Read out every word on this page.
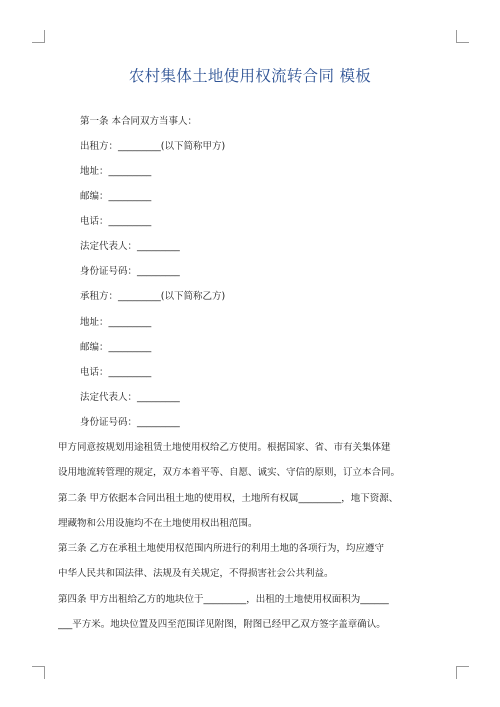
农村集体土地使用权流转合同 模板
第一条 本合同双方当事人：
出租方：_________(以下简称甲方)
地址：_________
邮编：_________
电话：_________
法定代表人：_________
身份证号码：_________
承租方：_________(以下简称乙方)
地址：_________
邮编：_________
电话：_________
法定代表人：_________
身份证号码：_________
甲方同意按规划用途租赁土地使用权给乙方使用。根据国家、省、市有关集体建
设用地流转管理的规定，双方本着平等、自愿、诚实、守信的原则，订立本合同。
第二条 甲方依据本合同出租土地的使用权，土地所有权属_________，地下资源、
埋藏物和公用设施均不在土地使用权出租范围。
第三条 乙方在承租土地使用权范围内所进行的利用土地的各项行为，均应遵守
中华人民共和国法律、法规及有关规定，不得损害社会公共利益。
第四条 甲方出租给乙方的地块位于_________，出租的土地使用权面积为______
___平方米。地块位置及四至范围详见附图，附图已经甲乙双方签字盖章确认。
